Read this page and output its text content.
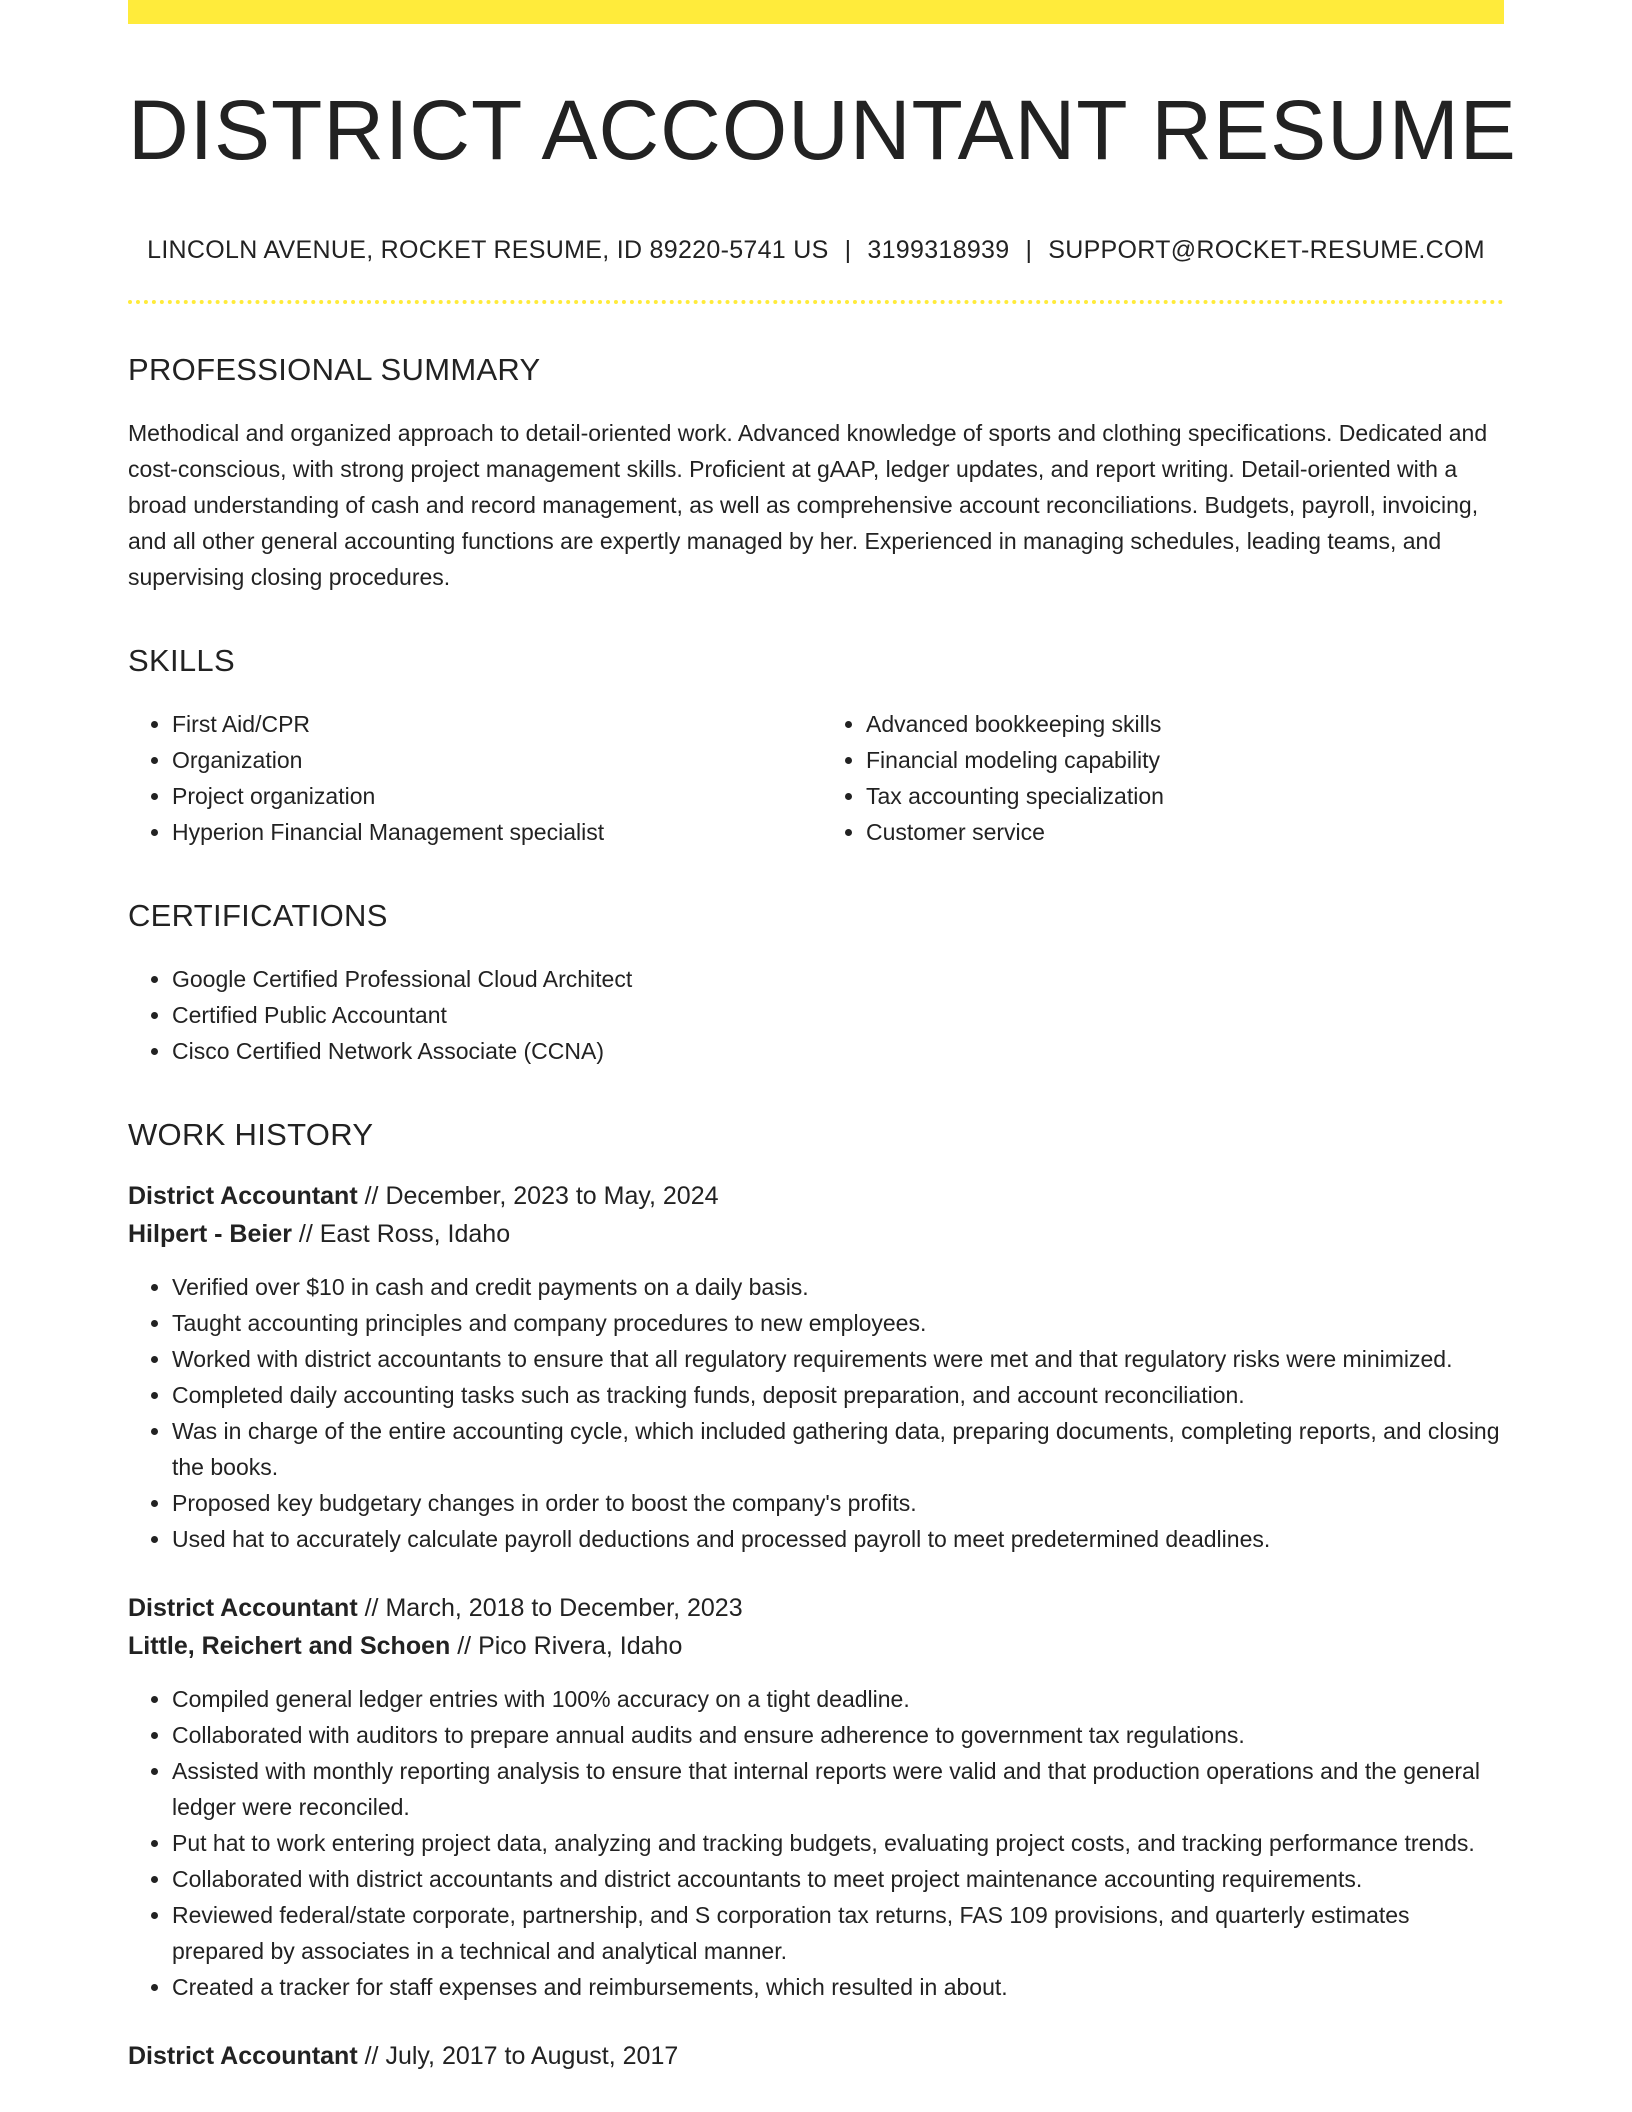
DISTRICT ACCOUNTANT RESUME
LINCOLN AVENUE, ROCKET RESUME, ID 89220-5741 US | 3199318939 | SUPPORT@ROCKET-RESUME.COM
PROFESSIONAL SUMMARY
Methodical and organized approach to detail-oriented work. Advanced knowledge of sports and clothing specifications. Dedicated and cost-conscious, with strong project management skills. Proficient at gAAP, ledger updates, and report writing. Detail-oriented with a broad understanding of cash and record management, as well as comprehensive account reconciliations. Budgets, payroll, invoicing, and all other general accounting functions are expertly managed by her. Experienced in managing schedules, leading teams, and supervising closing procedures.
SKILLS
• First Aid/CPR
• Organization
• Project organization
• Hyperion Financial Management specialist
• Advanced bookkeeping skills
• Financial modeling capability
• Tax accounting specialization
• Customer service
CERTIFICATIONS
• Google Certified Professional Cloud Architect
• Certified Public Accountant
• Cisco Certified Network Associate (CCNA)
WORK HISTORY
District Accountant // December, 2023 to May, 2024
Hilpert - Beier // East Ross, Idaho
• Verified over $10 in cash and credit payments on a daily basis.
• Taught accounting principles and company procedures to new employees.
• Worked with district accountants to ensure that all regulatory requirements were met and that regulatory risks were minimized.
• Completed daily accounting tasks such as tracking funds, deposit preparation, and account reconciliation.
• Was in charge of the entire accounting cycle, which included gathering data, preparing documents, completing reports, and closing the books.
• Proposed key budgetary changes in order to boost the company's profits.
• Used hat to accurately calculate payroll deductions and processed payroll to meet predetermined deadlines.
District Accountant // March, 2018 to December, 2023
Little, Reichert and Schoen // Pico Rivera, Idaho
• Compiled general ledger entries with 100% accuracy on a tight deadline.
• Collaborated with auditors to prepare annual audits and ensure adherence to government tax regulations.
• Assisted with monthly reporting analysis to ensure that internal reports were valid and that production operations and the general ledger were reconciled.
• Put hat to work entering project data, analyzing and tracking budgets, evaluating project costs, and tracking performance trends.
• Collaborated with district accountants and district accountants to meet project maintenance accounting requirements.
• Reviewed federal/state corporate, partnership, and S corporation tax returns, FAS 109 provisions, and quarterly estimates prepared by associates in a technical and analytical manner.
• Created a tracker for staff expenses and reimbursements, which resulted in about.
District Accountant // July, 2017 to August, 2017
